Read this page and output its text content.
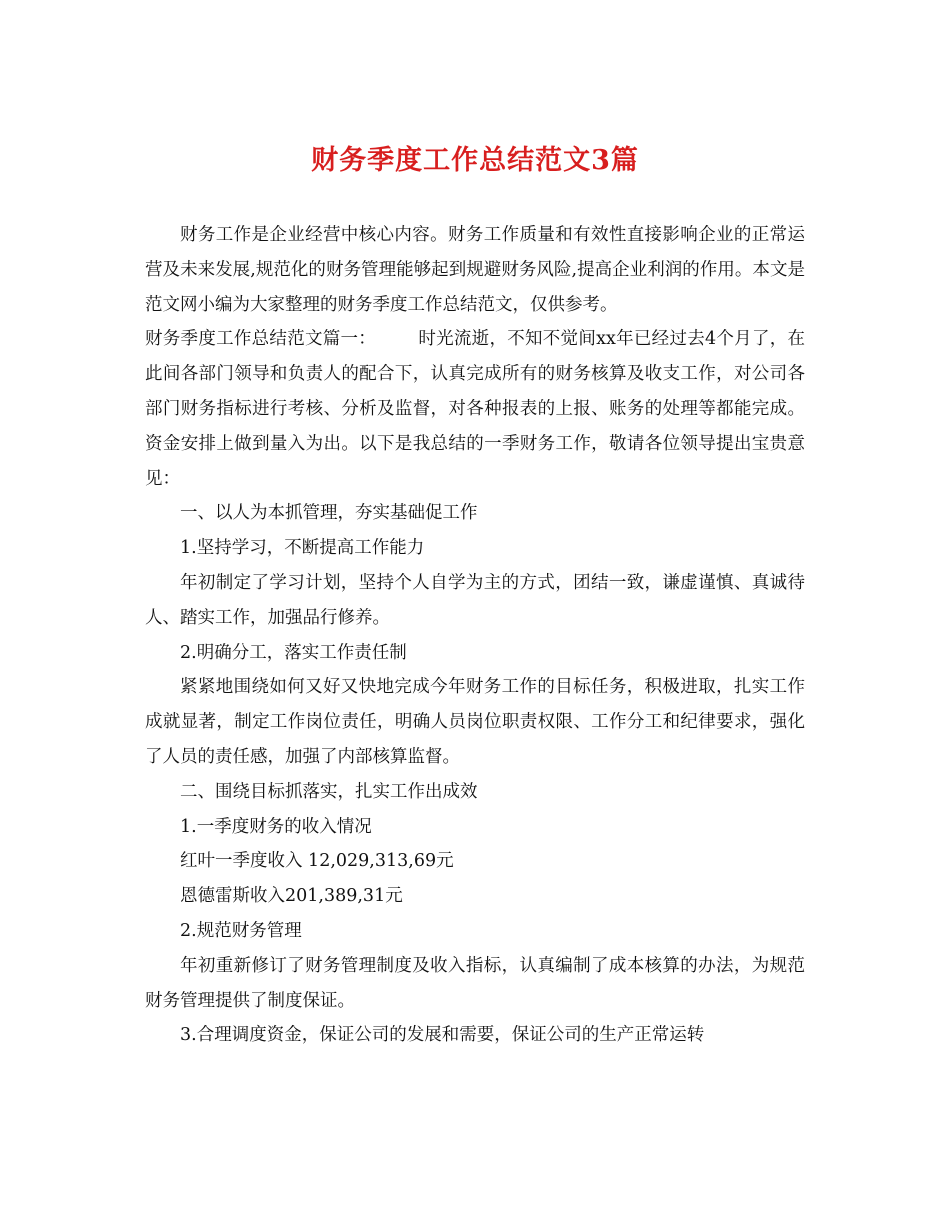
财务季度工作总结范文3篇

财务工作是企业经营中核心内容。财务工作质量和有效性直接影响企业的正常运营及未来发展,规范化的财务管理能够起到规避财务风险,提高企业利润的作用。本文是范文网小编为大家整理的财务季度工作总结范文，仅供参考。

财务季度工作总结范文篇一： 时光流逝，不知不觉间xx年已经过去4个月了，在此间各部门领导和负责人的配合下，认真完成所有的财务核算及收支工作，对公司各部门财务指标进行考核、分析及监督，对各种报表的上报、账务的处理等都能完成。资金安排上做到量入为出。以下是我总结的一季财务工作，敬请各位领导提出宝贵意见：

一、以人为本抓管理，夯实基础促工作

1.坚持学习，不断提高工作能力

年初制定了学习计划，坚持个人自学为主的方式，团结一致，谦虚谨慎、真诚待人、踏实工作，加强品行修养。

2.明确分工，落实工作责任制

紧紧地围绕如何又好又快地完成今年财务工作的目标任务，积极进取，扎实工作成就显著，制定工作岗位责任，明确人员岗位职责权限、工作分工和纪律要求，强化了人员的责任感，加强了内部核算监督。

二、围绕目标抓落实，扎实工作出成效

1.一季度财务的收入情况

红叶一季度收入 12,029,313,69元

恩德雷斯收入201,389,31元

2.规范财务管理

年初重新修订了财务管理制度及收入指标，认真编制了成本核算的办法，为规范财务管理提供了制度保证。

3.合理调度资金，保证公司的发展和需要，保证公司的生产正常运转
